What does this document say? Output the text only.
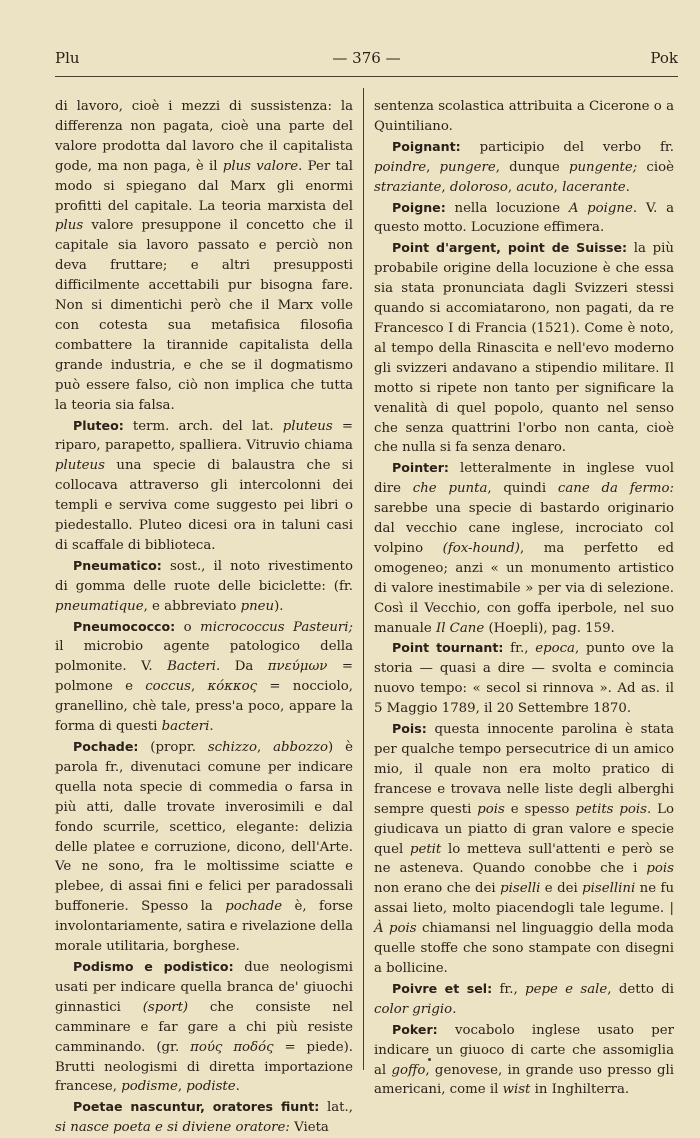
Plu	— 376 —	Pok

di lavoro, cioè i mezzi di sussistenza: la differenza non pagata, cioè una parte del valore prodotta dal lavoro che il capitalista gode, ma non paga, è il plus valore. Per tal modo si spiegano dal Marx gli enormi profitti del capitale. La teoria marxista del plus valore presuppone il concetto che il capitale sia lavoro passato e perciò non deva fruttare; e altri presupposti difficilmente accettabili pur bisogna fare. Non si dimentichi però che il Marx volle con cotesta sua metafisica filosofia combattere la tirannide capitalista della grande industria, e che se il dogmatismo può essere falso, ciò non implica che tutta la teoria sia falsa.

Pluteo: term. arch. del lat. pluteus = riparo, parapetto, spalliera. Vitruvio chiama pluteus una specie di balaustra che si collocava attraverso gli intercolonni dei templi e serviva come suggesto pei libri o piedestallo. Pluteo dicesi ora in taluni casi di scaffale di biblioteca.

Pneumatico: sost., il noto rivestimento di gomma delle ruote delle biciclette: (fr. pneumatique, e abbreviato pneu).

Pneumococco: o micrococcus Pasteuri; il microbio agente patologico della polmonite. V. Bacteri. Da πνεύμων = polmone e coccus, κόκκος = nocciolo, granellino, chè tale, press'a poco, appare la forma di questi bacteri.

Pochade: (propr. schizzo, abbozzo) è parola fr., divenutaci comune per indicare quella nota specie di commedia o farsa in più atti, dalle trovate inverosimili e dal fondo scurrile, scettico, elegante: delizia delle platee e corruzione, dicono, dell'Arte. Ve ne sono, fra le moltissime sciatte e plebee, di assai fini e felici per paradossali buffonerie. Spesso la pochade è, forse involontariamente, satira e rivelazione della morale utilitaria, borghese.

Podismo e podistico: due neologismi usati per indicare quella branca de' giuochi ginnastici (sport) che consiste nel camminare e far gare a chi più resiste camminando. (gr. πούς ποδός = piede). Brutti neologismi di diretta importazione francese, podisme, podiste.

Poetae nascuntur, oratores fiunt: lat., si nasce poeta e si diviene oratore: Vieta

sentenza scolastica attribuita a Cicerone o a Quintiliano.

Poignant: participio del verbo fr. poindre, pungere, dunque pungente; cioè straziante, doloroso, acuto, lacerante.

Poigne: nella locuzione A poigne. V. a questo motto. Locuzione effimera.

Point d'argent, point de Suisse: la più probabile origine della locuzione è che essa sia stata pronunciata dagli Svizzeri stessi quando si accomiatarono, non pagati, da re Francesco I di Francia (1521). Come è noto, al tempo della Rinascita e nell'evo moderno gli svizzeri andavano a stipendio militare. Il motto si ripete non tanto per significare la venalità di quel popolo, quanto nel senso che senza quattrini l'orbo non canta, cioè che nulla si fa senza denaro.

Pointer: letteralmente in inglese vuol dire che punta, quindi cane da fermo: sarebbe una specie di bastardo originario dal vecchio cane inglese, incrociato col volpino (fox-hound), ma perfetto ed omogeneo; anzi « un monumento artistico di valore inestimabile » per via di selezione. Così il Vecchio, con goffa iperbole, nel suo manuale Il Cane (Hoepli), pag. 159.

Point tournant: fr., epoca, punto ove la storia — quasi a dire — svolta e comincia nuovo tempo: « secol si rinnova ». Ad as. il 5 Maggio 1789, il 20 Settembre 1870.

Pois: questa innocente parolina è stata per qualche tempo persecutrice di un amico mio, il quale non era molto pratico di francese e trovava nelle liste degli alberghi sempre questi pois e spesso petits pois. Lo giudicava un piatto di gran valore e specie quel petit lo metteva sull'attenti e però se ne asteneva. Quando conobbe che i pois non erano che dei piselli e dei pisellini ne fu assai lieto, molto piacendogli tale legume. | À pois chiamansi nel linguaggio della moda quelle stoffe che sono stampate con disegni a bollicine.

Poivre et sel: fr., pepe e sale, detto di color grigio.

Poker: vocabolo inglese usato per indicare un giuoco di carte che assomiglia al goffo, genovese, in grande uso presso gli americani, come il wist in Inghilterra.
